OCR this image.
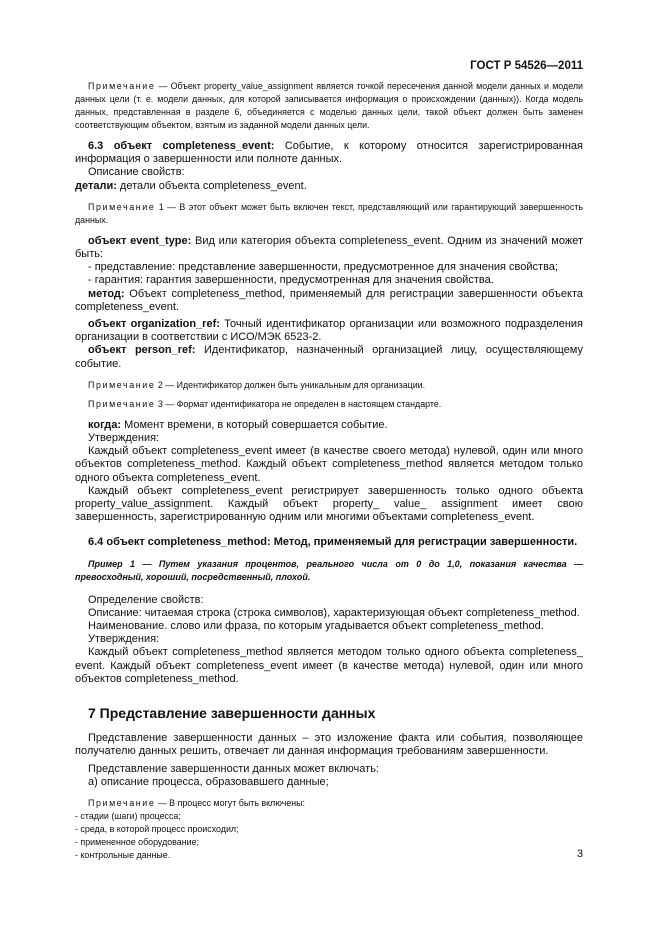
ГОСТ Р 54526—2011

Примечание — Объект property_value_assignment является точкой пересечения данной модели данных и модели данных цели (т. е. модели данных, для которой записывается информация о происхождении (данных)). Когда модель данных, представленная в разделе 6, объединяется с моделью данных цели, такой объект должен быть заменен соответствующим объектом, взятым из заданной модели данных цели.

6.3 объект completeness_event: Событие, к которому относится зарегистрированная информация о завершенности или полноте данных.

Описание свойств:

детали: детали объекта completeness_event.

Примечание 1 — В этот объект может быть включен текст, представляющий или гарантирующий завершенность данных.

объект event_type: Вид или категория объекта completeness_event. Одним из значений может быть:

- представление: представление завершенности, предусмотренное для значения свойства;

- гарантия: гарантия завершенности, предусмотренная для значения свойства.

метод: Объект completeness_method, применяемый для регистрации завершенности объекта completeness_event.

объект organization_ref: Точный идентификатор организации или возможного подразделения организации в соответствии с ИСО/МЭК 6523-2.

объект person_ref: Идентификатор, назначенный организацией лицу, осуществляющему событие.

Примечание 2 — Идентификатор должен быть уникальным для организации.

Примечание 3 — Формат идентификатора не определен в настоящем стандарте.

когда: Момент времени, в который совершается событие.

Утверждения:

Каждый объект completeness_event имеет (в качестве своего метода) нулевой, один или много объектов completeness_method. Каждый объект completeness_method является методом только одного объекта completeness_event.

Каждый объект completeness_event регистрирует завершенность только одного объекта property_value_assignment. Каждый объект property_ value_ assignment имеет свою завершенность, зарегистрированную одним или многими объектами completeness_event.

6.4 объект completeness_method: Метод, применяемый для регистрации завершенности.

Пример 1 — Путем указания процентов, реального числа от 0 до 1,0, показания качества — превосходный, хороший, посредственный, плохой.

Определение свойств:

Описание: читаемая строка (строка символов), характеризующая объект completeness_method.

Наименование. слово или фраза, по которым угадывается объект completeness_method.

Утверждения:

Каждый объект completeness_method является методом только одного объекта completeness_ event. Каждый объект completeness_event имеет (в качестве метода) нулевой, один или много объектов completeness_method.

7 Представление завершенности данных

Представление завершенности данных – это изложение факта или события, позволяющее получателю данных решить, отвечает ли данная информация требованиям завершенности.

Представление завершенности данных может включать:

а) описание процесса, образовавшего данные;

Примечание — В процесс могут быть включены:

- стадии (шаги) процесса;

- среда, в которой процесс происходил;

- примененное оборудование;

- контрольные данные.	3
